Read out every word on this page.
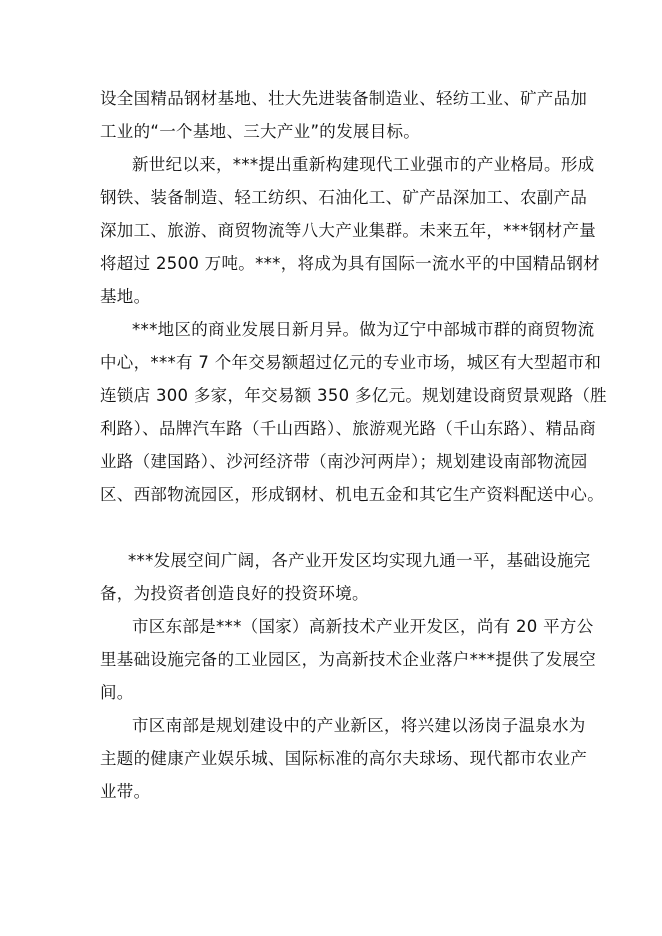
设全国精品钢材基地、壮大先进装备制造业、轻纺工业、矿产品加
工业的“一个基地、三大产业”的发展目标。
新世纪以来，***提出重新构建现代工业强市的产业格局。形成
钢铁、装备制造、轻工纺织、石油化工、矿产品深加工、农副产品
深加工、旅游、商贸物流等八大产业集群。未来五年，***钢材产量
将超过 2500 万吨。***，将成为具有国际一流水平的中国精品钢材
基地。
***地区的商业发展日新月异。做为辽宁中部城市群的商贸物流
中心，***有 7 个年交易额超过亿元的专业市场，城区有大型超市和
连锁店 300 多家，年交易额 350 多亿元。规划建设商贸景观路（胜
利路）、品牌汽车路（千山西路）、旅游观光路（千山东路）、精品商
业路（建国路）、沙河经济带（南沙河两岸）；规划建设南部物流园
区、西部物流园区，形成钢材、机电五金和其它生产资料配送中心。
***发展空间广阔，各产业开发区均实现九通一平，基础设施完
备，为投资者创造良好的投资环境。
市区东部是***（国家）高新技术产业开发区，尚有 20 平方公
里基础设施完备的工业园区，为高新技术企业落户***提供了发展空
间。
市区南部是规划建设中的产业新区，将兴建以汤岗子温泉水为
主题的健康产业娱乐城、国际标准的高尔夫球场、现代都市农业产
业带。
